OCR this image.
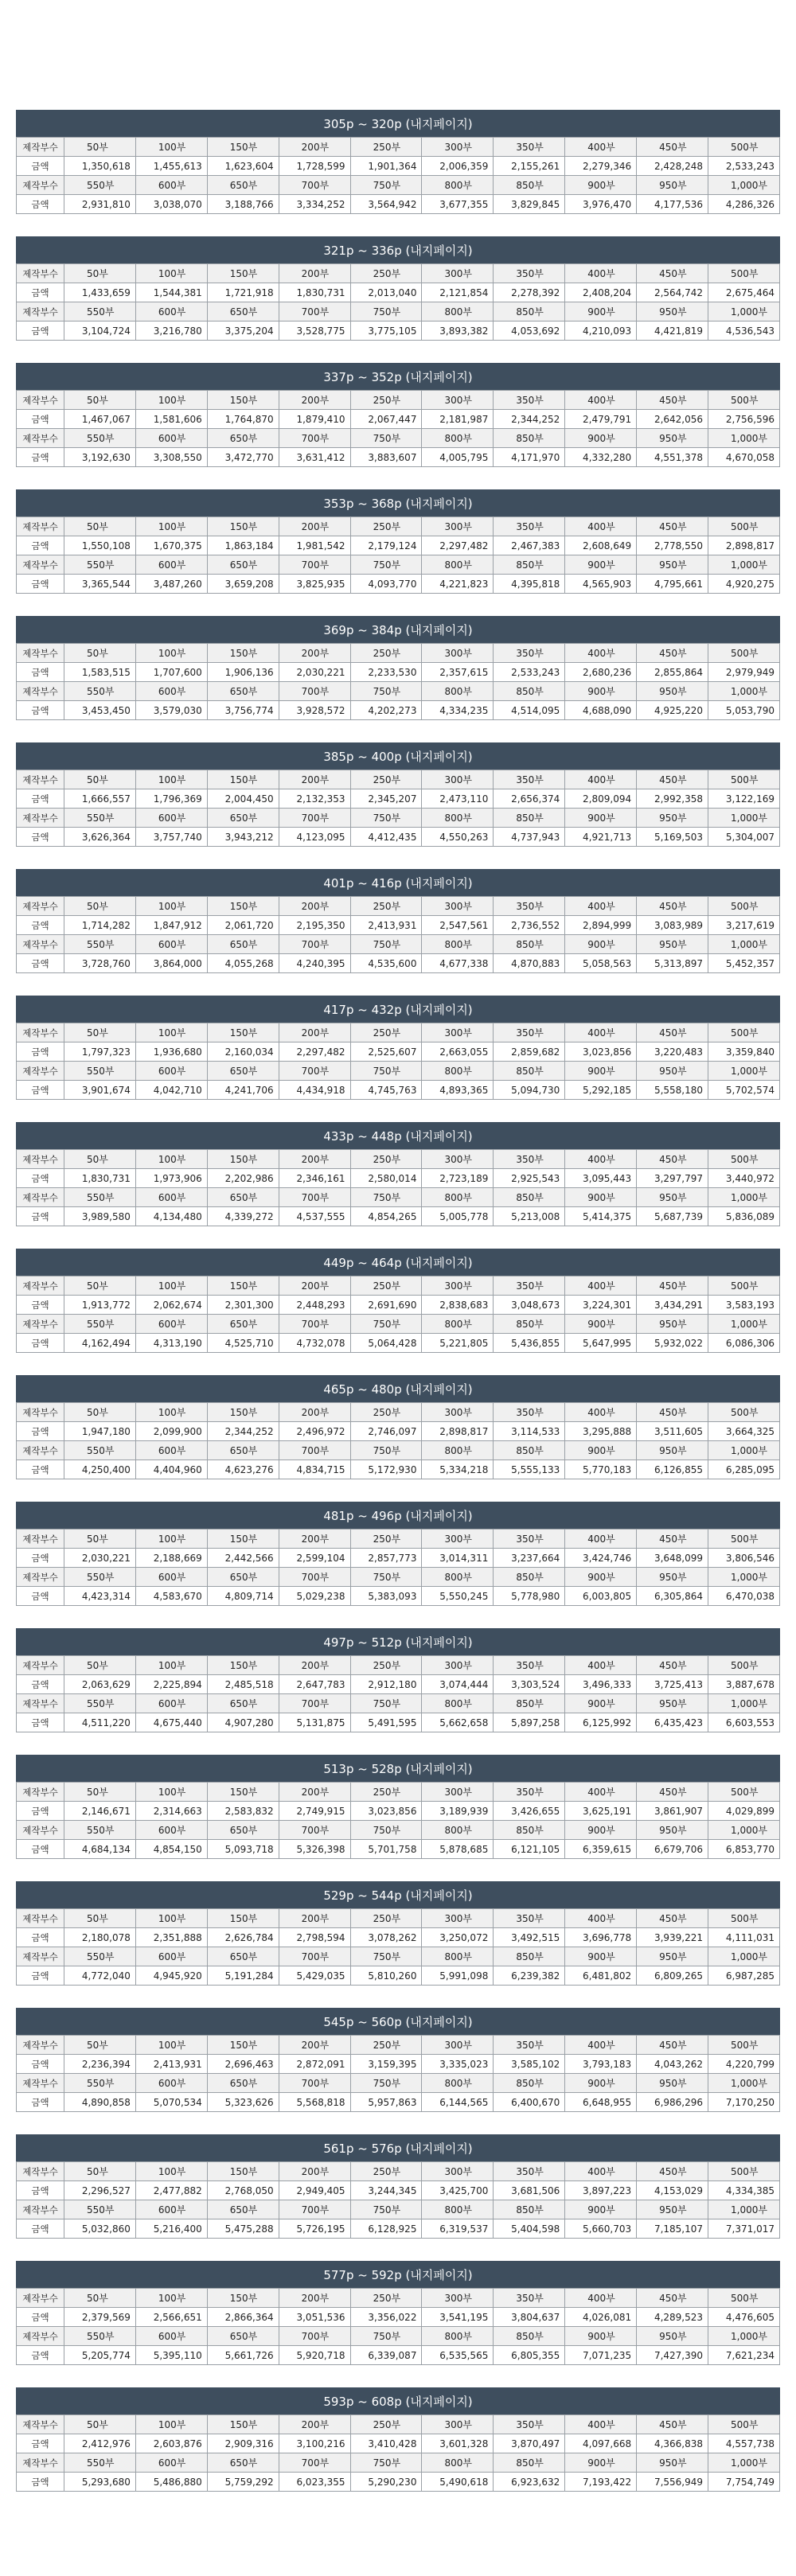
305p ~ 320p (내지페이지)
제작부수	50부	100부	150부	200부	250부	300부	350부	400부	450부	500부
금액	1,350,618	1,455,613	1,623,604	1,728,599	1,901,364	2,006,359	2,155,261	2,279,346	2,428,248	2,533,243
제작부수	550부	600부	650부	700부	750부	800부	850부	900부	950부	1,000부
금액	2,931,810	3,038,070	3,188,766	3,334,252	3,564,942	3,677,355	3,829,845	3,976,470	4,177,536	4,286,326
321p ~ 336p (내지페이지)
제작부수	50부	100부	150부	200부	250부	300부	350부	400부	450부	500부
금액	1,433,659	1,544,381	1,721,918	1,830,731	2,013,040	2,121,854	2,278,392	2,408,204	2,564,742	2,675,464
제작부수	550부	600부	650부	700부	750부	800부	850부	900부	950부	1,000부
금액	3,104,724	3,216,780	3,375,204	3,528,775	3,775,105	3,893,382	4,053,692	4,210,093	4,421,819	4,536,543
337p ~ 352p (내지페이지)
제작부수	50부	100부	150부	200부	250부	300부	350부	400부	450부	500부
금액	1,467,067	1,581,606	1,764,870	1,879,410	2,067,447	2,181,987	2,344,252	2,479,791	2,642,056	2,756,596
제작부수	550부	600부	650부	700부	750부	800부	850부	900부	950부	1,000부
금액	3,192,630	3,308,550	3,472,770	3,631,412	3,883,607	4,005,795	4,171,970	4,332,280	4,551,378	4,670,058
353p ~ 368p (내지페이지)
제작부수	50부	100부	150부	200부	250부	300부	350부	400부	450부	500부
금액	1,550,108	1,670,375	1,863,184	1,981,542	2,179,124	2,297,482	2,467,383	2,608,649	2,778,550	2,898,817
제작부수	550부	600부	650부	700부	750부	800부	850부	900부	950부	1,000부
금액	3,365,544	3,487,260	3,659,208	3,825,935	4,093,770	4,221,823	4,395,818	4,565,903	4,795,661	4,920,275
369p ~ 384p (내지페이지)
제작부수	50부	100부	150부	200부	250부	300부	350부	400부	450부	500부
금액	1,583,515	1,707,600	1,906,136	2,030,221	2,233,530	2,357,615	2,533,243	2,680,236	2,855,864	2,979,949
제작부수	550부	600부	650부	700부	750부	800부	850부	900부	950부	1,000부
금액	3,453,450	3,579,030	3,756,774	3,928,572	4,202,273	4,334,235	4,514,095	4,688,090	4,925,220	5,053,790
385p ~ 400p (내지페이지)
제작부수	50부	100부	150부	200부	250부	300부	350부	400부	450부	500부
금액	1,666,557	1,796,369	2,004,450	2,132,353	2,345,207	2,473,110	2,656,374	2,809,094	2,992,358	3,122,169
제작부수	550부	600부	650부	700부	750부	800부	850부	900부	950부	1,000부
금액	3,626,364	3,757,740	3,943,212	4,123,095	4,412,435	4,550,263	4,737,943	4,921,713	5,169,503	5,304,007
401p ~ 416p (내지페이지)
제작부수	50부	100부	150부	200부	250부	300부	350부	400부	450부	500부
금액	1,714,282	1,847,912	2,061,720	2,195,350	2,413,931	2,547,561	2,736,552	2,894,999	3,083,989	3,217,619
제작부수	550부	600부	650부	700부	750부	800부	850부	900부	950부	1,000부
금액	3,728,760	3,864,000	4,055,268	4,240,395	4,535,600	4,677,338	4,870,883	5,058,563	5,313,897	5,452,357
417p ~ 432p (내지페이지)
제작부수	50부	100부	150부	200부	250부	300부	350부	400부	450부	500부
금액	1,797,323	1,936,680	2,160,034	2,297,482	2,525,607	2,663,055	2,859,682	3,023,856	3,220,483	3,359,840
제작부수	550부	600부	650부	700부	750부	800부	850부	900부	950부	1,000부
금액	3,901,674	4,042,710	4,241,706	4,434,918	4,745,763	4,893,365	5,094,730	5,292,185	5,558,180	5,702,574
433p ~ 448p (내지페이지)
제작부수	50부	100부	150부	200부	250부	300부	350부	400부	450부	500부
금액	1,830,731	1,973,906	2,202,986	2,346,161	2,580,014	2,723,189	2,925,543	3,095,443	3,297,797	3,440,972
제작부수	550부	600부	650부	700부	750부	800부	850부	900부	950부	1,000부
금액	3,989,580	4,134,480	4,339,272	4,537,555	4,854,265	5,005,778	5,213,008	5,414,375	5,687,739	5,836,089
449p ~ 464p (내지페이지)
제작부수	50부	100부	150부	200부	250부	300부	350부	400부	450부	500부
금액	1,913,772	2,062,674	2,301,300	2,448,293	2,691,690	2,838,683	3,048,673	3,224,301	3,434,291	3,583,193
제작부수	550부	600부	650부	700부	750부	800부	850부	900부	950부	1,000부
금액	4,162,494	4,313,190	4,525,710	4,732,078	5,064,428	5,221,805	5,436,855	5,647,995	5,932,022	6,086,306
465p ~ 480p (내지페이지)
제작부수	50부	100부	150부	200부	250부	300부	350부	400부	450부	500부
금액	1,947,180	2,099,900	2,344,252	2,496,972	2,746,097	2,898,817	3,114,533	3,295,888	3,511,605	3,664,325
제작부수	550부	600부	650부	700부	750부	800부	850부	900부	950부	1,000부
금액	4,250,400	4,404,960	4,623,276	4,834,715	5,172,930	5,334,218	5,555,133	5,770,183	6,126,855	6,285,095
481p ~ 496p (내지페이지)
제작부수	50부	100부	150부	200부	250부	300부	350부	400부	450부	500부
금액	2,030,221	2,188,669	2,442,566	2,599,104	2,857,773	3,014,311	3,237,664	3,424,746	3,648,099	3,806,546
제작부수	550부	600부	650부	700부	750부	800부	850부	900부	950부	1,000부
금액	4,423,314	4,583,670	4,809,714	5,029,238	5,383,093	5,550,245	5,778,980	6,003,805	6,305,864	6,470,038
497p ~ 512p (내지페이지)
제작부수	50부	100부	150부	200부	250부	300부	350부	400부	450부	500부
금액	2,063,629	2,225,894	2,485,518	2,647,783	2,912,180	3,074,444	3,303,524	3,496,333	3,725,413	3,887,678
제작부수	550부	600부	650부	700부	750부	800부	850부	900부	950부	1,000부
금액	4,511,220	4,675,440	4,907,280	5,131,875	5,491,595	5,662,658	5,897,258	6,125,992	6,435,423	6,603,553
513p ~ 528p (내지페이지)
제작부수	50부	100부	150부	200부	250부	300부	350부	400부	450부	500부
금액	2,146,671	2,314,663	2,583,832	2,749,915	3,023,856	3,189,939	3,426,655	3,625,191	3,861,907	4,029,899
제작부수	550부	600부	650부	700부	750부	800부	850부	900부	950부	1,000부
금액	4,684,134	4,854,150	5,093,718	5,326,398	5,701,758	5,878,685	6,121,105	6,359,615	6,679,706	6,853,770
529p ~ 544p (내지페이지)
제작부수	50부	100부	150부	200부	250부	300부	350부	400부	450부	500부
금액	2,180,078	2,351,888	2,626,784	2,798,594	3,078,262	3,250,072	3,492,515	3,696,778	3,939,221	4,111,031
제작부수	550부	600부	650부	700부	750부	800부	850부	900부	950부	1,000부
금액	4,772,040	4,945,920	5,191,284	5,429,035	5,810,260	5,991,098	6,239,382	6,481,802	6,809,265	6,987,285
545p ~ 560p (내지페이지)
제작부수	50부	100부	150부	200부	250부	300부	350부	400부	450부	500부
금액	2,236,394	2,413,931	2,696,463	2,872,091	3,159,395	3,335,023	3,585,102	3,793,183	4,043,262	4,220,799
제작부수	550부	600부	650부	700부	750부	800부	850부	900부	950부	1,000부
금액	4,890,858	5,070,534	5,323,626	5,568,818	5,957,863	6,144,565	6,400,670	6,648,955	6,986,296	7,170,250
561p ~ 576p (내지페이지)
제작부수	50부	100부	150부	200부	250부	300부	350부	400부	450부	500부
금액	2,296,527	2,477,882	2,768,050	2,949,405	3,244,345	3,425,700	3,681,506	3,897,223	4,153,029	4,334,385
제작부수	550부	600부	650부	700부	750부	800부	850부	900부	950부	1,000부
금액	5,032,860	5,216,400	5,475,288	5,726,195	6,128,925	6,319,537	5,404,598	5,660,703	7,185,107	7,371,017
577p ~ 592p (내지페이지)
제작부수	50부	100부	150부	200부	250부	300부	350부	400부	450부	500부
금액	2,379,569	2,566,651	2,866,364	3,051,536	3,356,022	3,541,195	3,804,637	4,026,081	4,289,523	4,476,605
제작부수	550부	600부	650부	700부	750부	800부	850부	900부	950부	1,000부
금액	5,205,774	5,395,110	5,661,726	5,920,718	6,339,087	6,535,565	6,805,355	7,071,235	7,427,390	7,621,234
593p ~ 608p (내지페이지)
제작부수	50부	100부	150부	200부	250부	300부	350부	400부	450부	500부
금액	2,412,976	2,603,876	2,909,316	3,100,216	3,410,428	3,601,328	3,870,497	4,097,668	4,366,838	4,557,738
제작부수	550부	600부	650부	700부	750부	800부	850부	900부	950부	1,000부
금액	5,293,680	5,486,880	5,759,292	6,023,355	5,290,230	5,490,618	6,923,632	7,193,422	7,556,949	7,754,749
